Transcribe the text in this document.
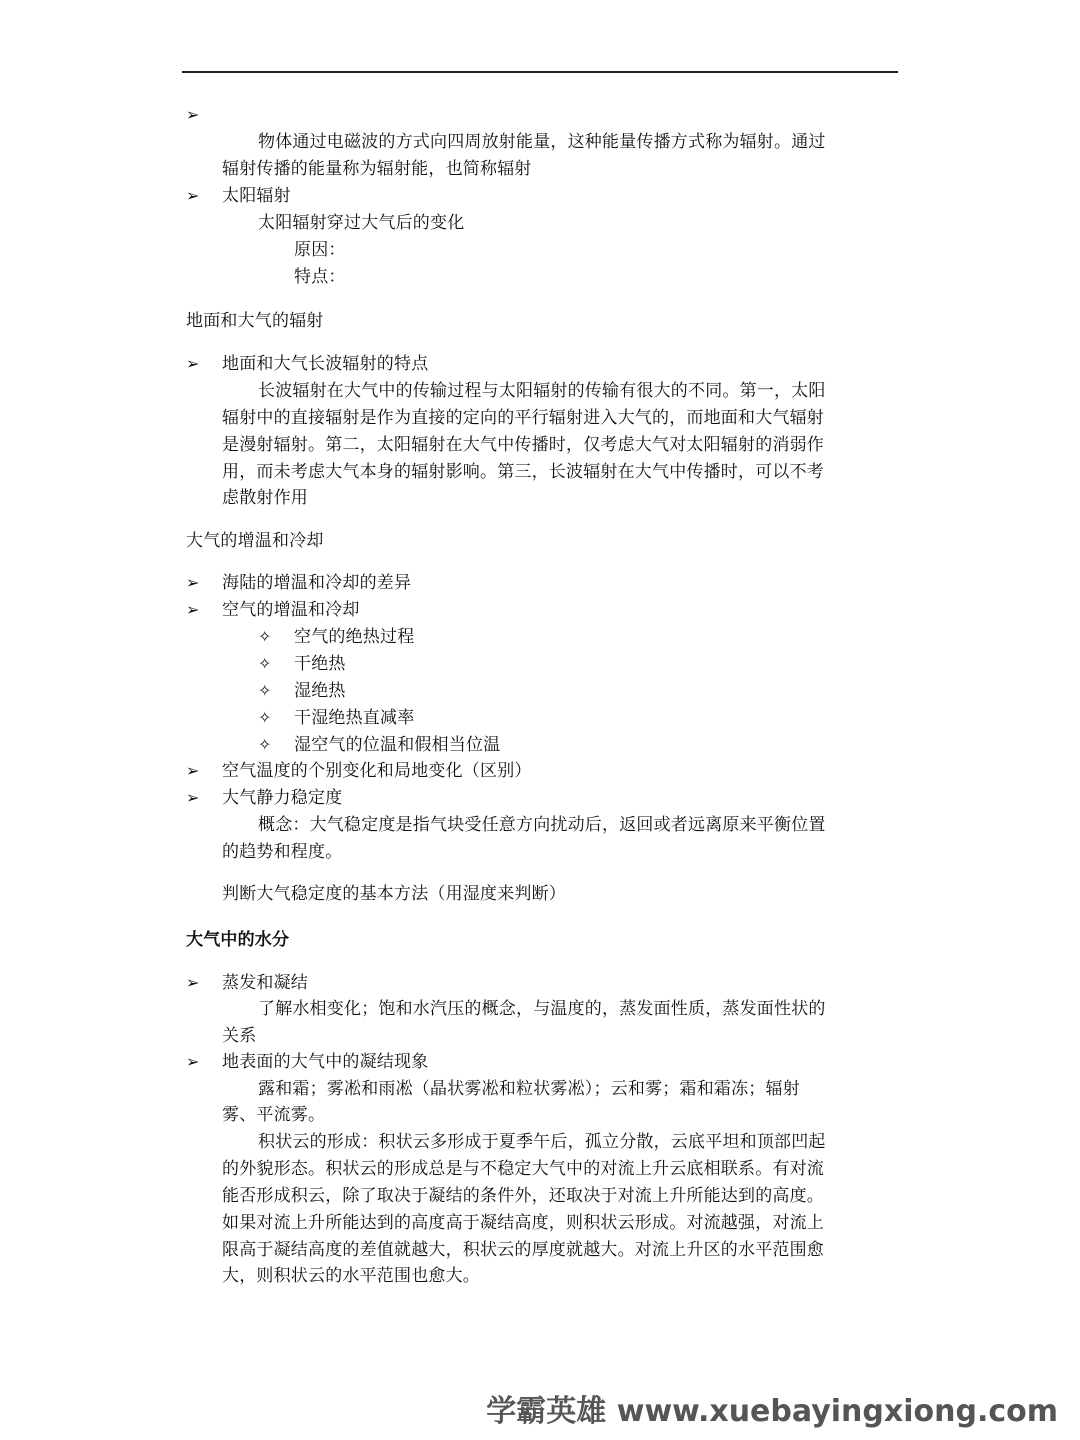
➢
➢
➢
➢
➢
✧
✧
✧
✧
✧
➢
➢
➢
➢
物体通过电磁波的方式向四周放射能量，这种能量传播方式称为辐射。通过
辐射传播的能量称为辐射能，也简称辐射
太阳辐射
太阳辐射穿过大气后的变化
原因：
特点：
地面和大气的辐射
地面和大气长波辐射的特点
长波辐射在大气中的传输过程与太阳辐射的传输有很大的不同。第一，太阳
辐射中的直接辐射是作为直接的定向的平行辐射进入大气的，而地面和大气辐射
是漫射辐射。第二，太阳辐射在大气中传播时，仅考虑大气对太阳辐射的消弱作
用，而未考虑大气本身的辐射影响。第三，长波辐射在大气中传播时，可以不考
虑散射作用
大气的增温和冷却
海陆的增温和冷却的差异
空气的增温和冷却
空气的绝热过程
干绝热
湿绝热
干湿绝热直减率
湿空气的位温和假相当位温
空气温度的个别变化和局地变化（区别）
大气静力稳定度
概念：大气稳定度是指气块受任意方向扰动后，返回或者远离原来平衡位置
的趋势和程度。
判断大气稳定度的基本方法（用湿度来判断）
大气中的水分
蒸发和凝结
了解水相变化；饱和水汽压的概念，与温度的，蒸发面性质，蒸发面性状的
关系
地表面的大气中的凝结现象
露和霜；雾凇和雨凇（晶状雾凇和粒状雾凇）；云和雾；霜和霜冻；辐射
雾、平流雾。
积状云的形成：积状云多形成于夏季午后，孤立分散，云底平坦和顶部凹起
的外貌形态。积状云的形成总是与不稳定大气中的对流上升云底相联系。有对流
能否形成积云，除了取决于凝结的条件外，还取决于对流上升所能达到的高度。
如果对流上升所能达到的高度高于凝结高度，则积状云形成。对流越强，对流上
限高于凝结高度的差值就越大，积状云的厚度就越大。对流上升区的水平范围愈
大，则积状云的水平范围也愈大。
学霸英雄 www.xuebayingxiong.com
